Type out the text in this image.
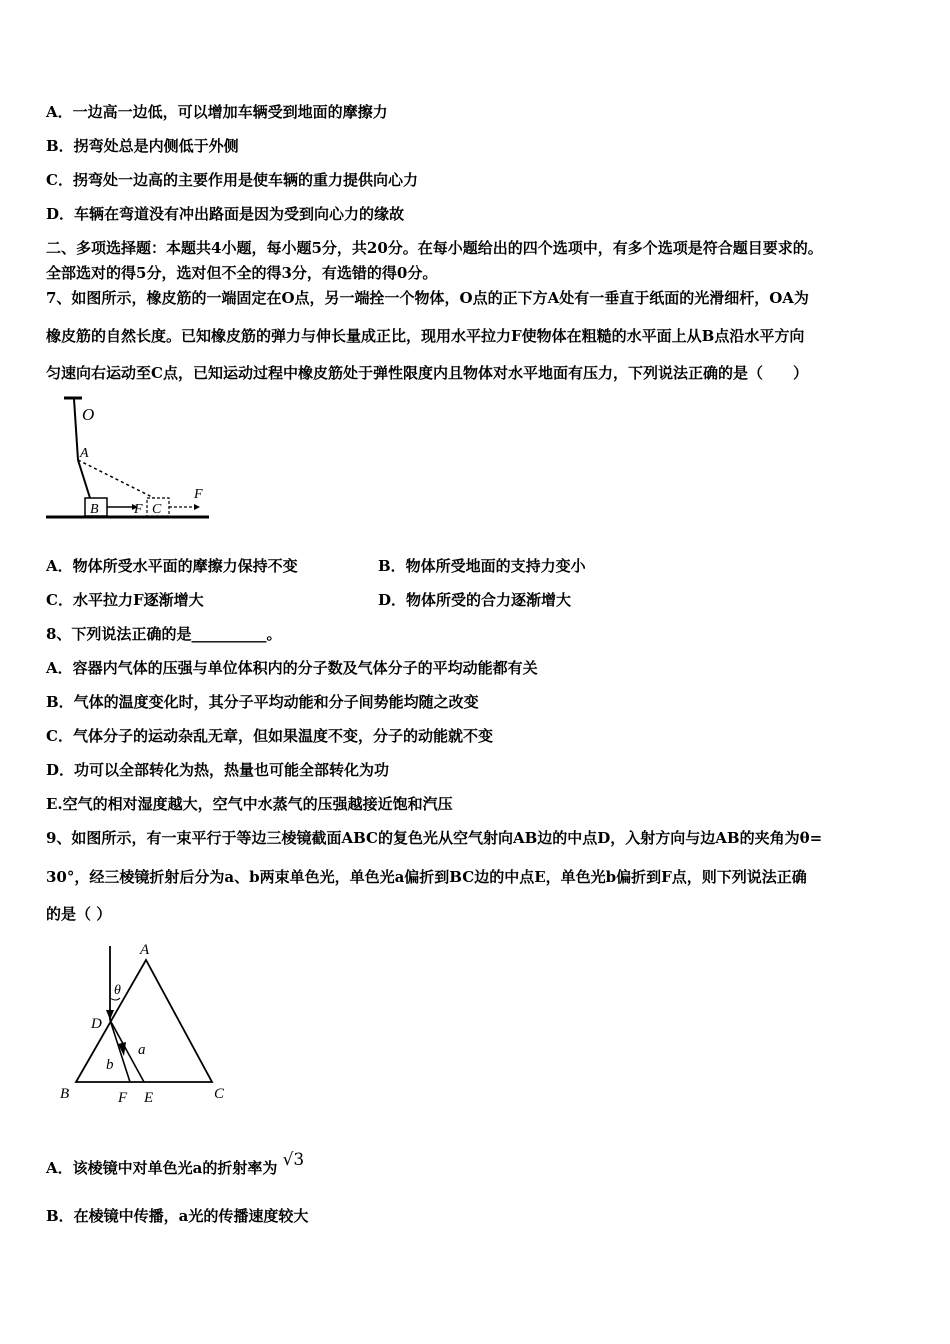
A．一边高一边低，可以增加车辆受到地面的摩擦力
B．拐弯处总是内侧低于外侧
C．拐弯处一边高的主要作用是使车辆的重力提供向心力
D．车辆在弯道没有冲出路面是因为受到向心力的缘故
二、多项选择题：本题共4小题，每小题5分，共20分。在每小题给出的四个选项中，有多个选项是符合题目要求的。
全部选对的得5分，选对但不全的得3分，有选错的得0分。
7、如图所示，橡皮筋的一端固定在O点，另一端拴一个物体，O点的正下方A处有一垂直于纸面的光滑细杆，OA为
橡皮筋的自然长度。已知橡皮筋的弹力与伸长量成正比，现用水平拉力F使物体在粗糙的水平面上从B点沿水平方向
匀速向右运动至C点，已知运动过程中橡皮筋处于弹性限度内且物体对水平地面有压力，下列说法正确的是（　　）
O
A
B	F C
F
A．物体所受水平面的摩擦力保持不变	B．物体所受地面的支持力变小
C．水平拉力F逐渐增大	D．物体所受的合力逐渐增大
8、下列说法正确的是__________。
A．容器内气体的压强与单位体积内的分子数及气体分子的平均动能都有关
B．气体的温度变化时，其分子平均动能和分子间势能均随之改变
C．气体分子的运动杂乱无章，但如果温度不变，分子的动能就不变
D．功可以全部转化为热，热量也可能全部转化为功
E.空气的相对湿度越大，空气中水蒸气的压强越接近饱和汽压
9、如图所示，有一束平行于等边三棱镜截面ABC的复色光从空气射向AB边的中点D，入射方向与边AB的夹角为θ=
30°，经三棱镜折射后分为a、b两束单色光，单色光a偏折到BC边的中点E，单色光b偏折到F点，则下列说法正确
的是（ ）
A
θ
D
a
b
B	F E	C
A．该棱镜中对单色光a的折射率为 √3
B．在棱镜中传播，a光的传播速度较大
